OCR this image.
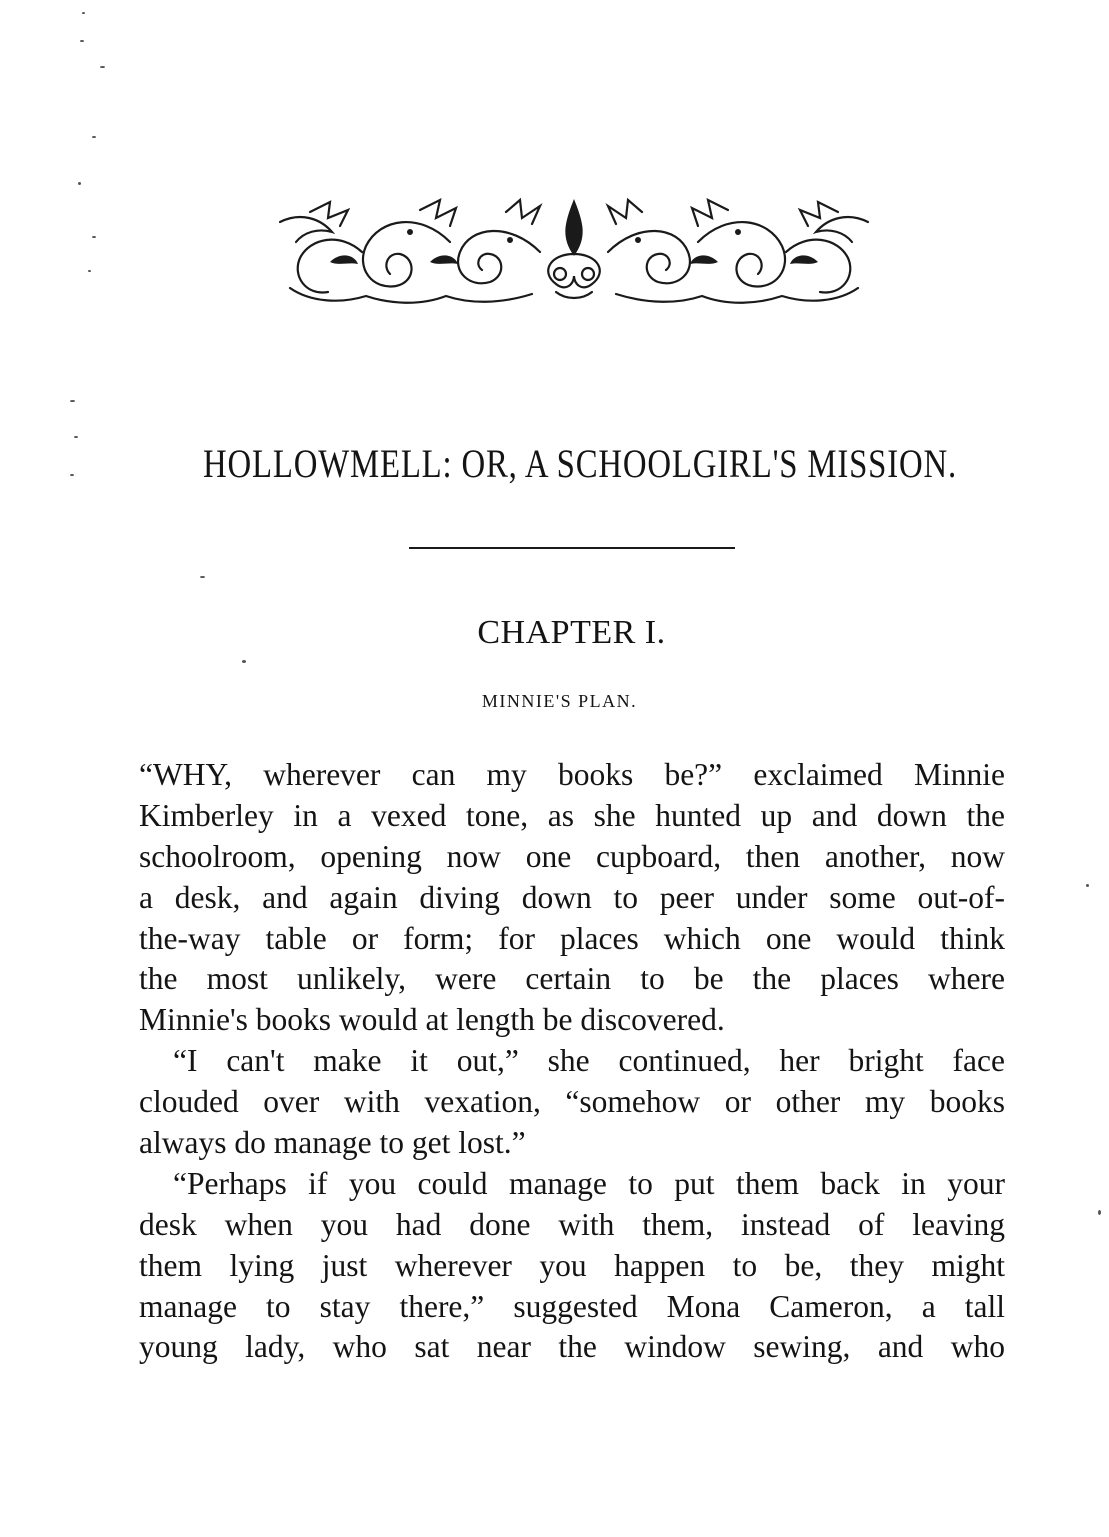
HOLLOWMELL: OR, A SCHOOLGIRL'S MISSION.
CHAPTER I.
MINNIE'S PLAN.
“WHY, wherever can my books be?” exclaimed Minnie
Kimberley in a vexed tone, as she hunted up and down the
schoolroom, opening now one cupboard, then another, now
a desk, and again diving down to peer under some out-of-
the-way table or form; for places which one would think
the most unlikely, were certain to be the places where
Minnie's books would at length be discovered.
“I can't make it out,” she continued, her bright face
clouded over with vexation, “somehow or other my books
always do manage to get lost.”
“Perhaps if you could manage to put them back in your
desk when you had done with them, instead of leaving
them lying just wherever you happen to be, they might
manage to stay there,” suggested Mona Cameron, a tall
young lady, who sat near the window sewing, and who
